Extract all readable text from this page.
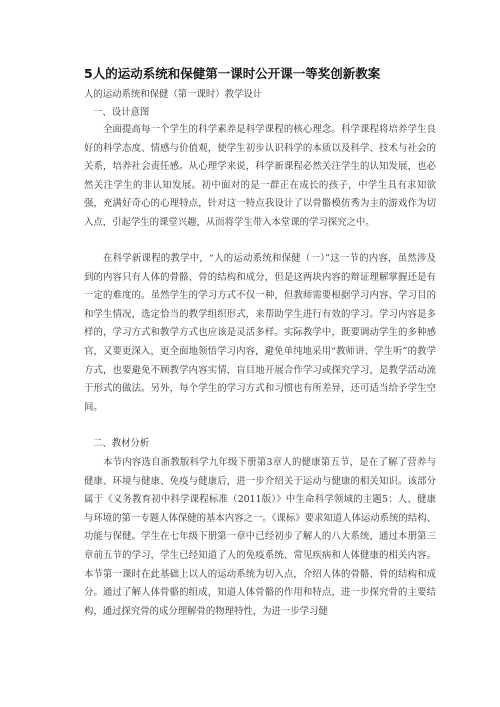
5人的运动系统和保健第一课时公开课一等奖创新教案
人的运动系统和保健（第一课时）教学设计
一、设计意图
全面提高每一个学生的科学素养是科学课程的核心理念。科学课程将培养学生良好的科学态度、情感与价值观，使学生初步认识科学的本质以及科学、技术与社会的关系，培养社会责任感。从心理学来说，科学新课程必然关注学生的认知发展，也必然关注学生的非认知发展。初中面对的是一群正在成长的孩子，中学生具有求知欲强，充满好奇心的心理特点，针对这一特点我设计了以骨骼模仿秀为主的游戏作为切入点，引起学生的课堂兴趣，从而将学生带入本堂课的学习探究之中。
在科学新课程的教学中，“人的运动系统和保健（一）”这一节的内容，虽然涉及到的内容只有人体的骨骼、骨的结构和成分，但是这两块内容的辩证理解掌握还是有一定的难度的。虽然学生的学习方式不仅一种，但教师需要根据学习内容、学习目的和学生情况，选定恰当的教学组织形式，来帮助学生进行有效的学习。学习内容是多样的，学习方式和教学方式也应该是灵活多样。实际教学中，既要调动学生的多种感官，又要更深入，更全面地领悟学习内容，避免单纯地采用“教师讲、学生听”的教学方式，也要避免不顾教学内容实情，盲目地开展合作学习或探究学习，是教学活动流于形式的做法。另外，每个学生的学习方式和习惯也有所差异，还可适当给予学生空间。
二、教材分析
本节内容选自浙教版科学九年级下册第3章人的健康第五节，是在了解了营养与健康、环境与健康、免疫与健康后，进一步介绍关于运动与健康的相关知识。该部分属于《义务教育初中科学课程标准（2011版）》中生命科学领域的主题5：人、健康与环境的第一专题人体保健的基本内容之一。《课标》要求知道人体运动系统的结构、功能与保健。学生在七年级下册第一章中已经初步了解人的八大系统，通过本册第三章前五节的学习，学生已经知道了人的免疫系统、常见疾病和人体健康的相关内容。本节第一课时在此基础上以人的运动系统为切入点，介绍人体的骨骼、骨的结构和成分。通过了解人体骨骼的组成，知道人体骨骼的作用和特点，进一步探究骨的主要结构，通过探究骨的成分理解骨的物理特性，为进一步学习健
